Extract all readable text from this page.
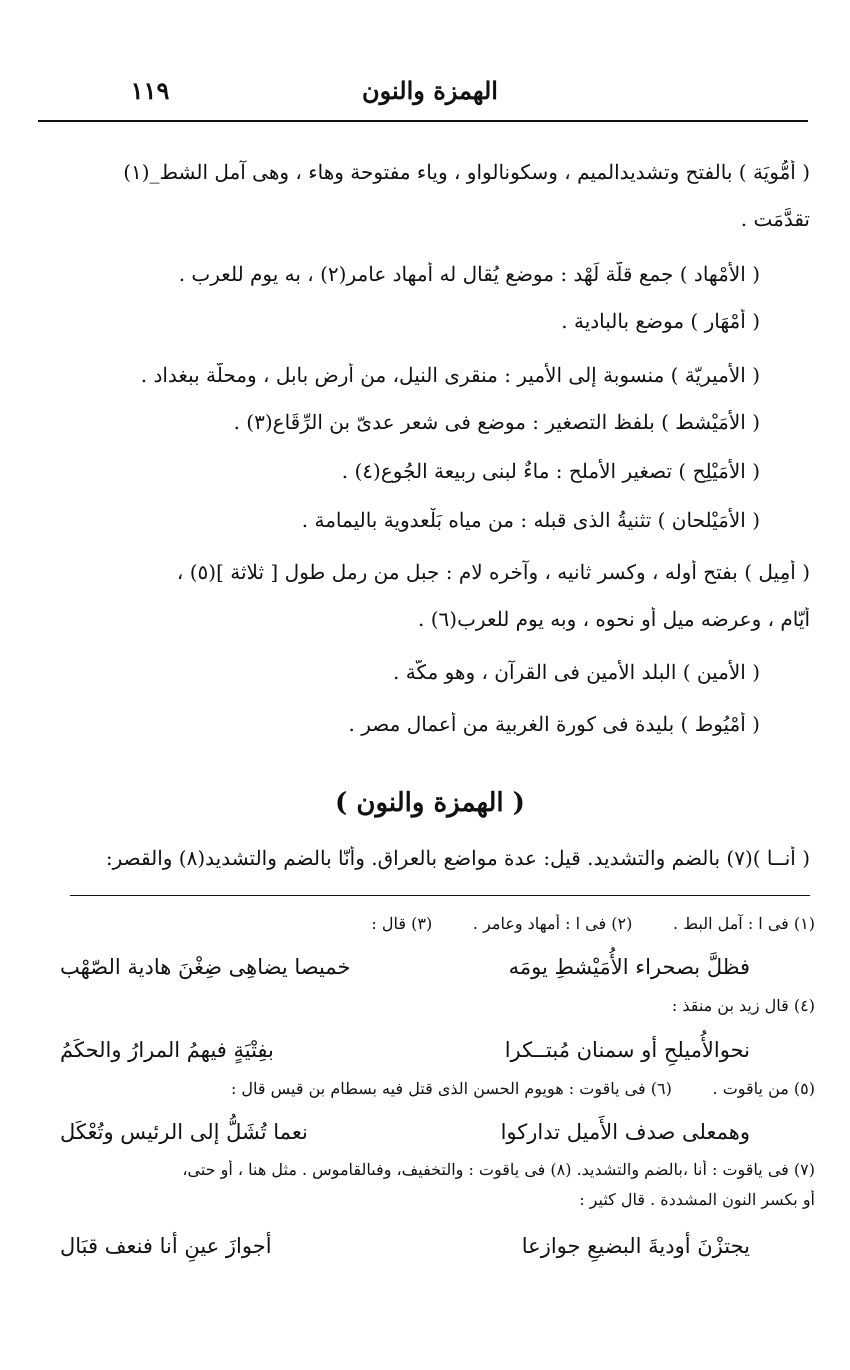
الهمزة والنون
١١٩
( أُمُّويَة ) بالفتح وتشديدالميم ، وسكونالواو ، وياء مفتوحة وهاء ، وهى آمل الشط_(١)
تقدَّمَت .
( الأَمْهاد ) جمع قلّة لَهْد : موضع يُقال له أمهاد عامر(٢) ، به يوم للعرب .
( أَمْهَار ) موضع بالبادية .
( الأميريّة ) منسوبة إلى الأمير : منقرى النيل، من أرض بابل ، ومحلّة ببغداد .
( الأُمَيْشط ) بلفظ التصغير : موضع فى شعر عدىّ بن الرِّقَاع(٣) .
( الأُمَيْلِح ) تصغير الأَملح : ماءٌ لبنى ربيعة الجُوع(٤) .
( الأُمَيْلحان ) تثنيةُ الذى قبله : من مياه بَلْعدوية باليمامة .
( أَمِيل ) بفتح أوله ، وكسر ثانيه ، وآخره لام : جبل من رمل طول [ ثلاثة ](٥) ،
أيّام ، وعرضه ميل أو نحوه ، وبه يوم للعرب(٦) .
( الأمين ) البلد الأمين فى القرآن ، وهو مكّة .
( أُمْيُوط ) بليدة فى كورة الغربية من أعمال مصر .
( الهمزة والنون )
( أُنــا )(٧) بالضم والتشديد. قيل: عدة مواضع بالعراق. وأُنّا بالضم والتشديد(٨) والقصر:
(١) فى ا : آمل البط .        (٢) فى ا : أمهاد وعامر .        (٣) قال :
فظلَّ بصحراء الأُمَيْشطِ يومَه
خميصا يضاهِى ضِغْنَ هادية الصّهْب
(٤) قال زيد بن منقذ :
نحوالأُميلحِ أو سمنان مُبتــكرا
بفِتْيَةٍ فيهمُ المرارُ والحكَمُ
(٥) من ياقوت .        (٦) فى ياقوت : هويوم الحسن الذى قتل فيه بسطام بن قيس قال :
وهمعلى صدف الأَميل تداركوا
نعما تُشَلُّ إلى الرئيس وتُعْكَل
(٧) فى ياقوت : أنا ،بالضم والتشديد. (٨) فى ياقوت : والتخفيف، وفىالقاموس . مثل هنا ، أو حتى،
أو بكسر النون المشددة . قال كثير :
يجتزْنَ أوديةَ البضيعِ جوازعا
أجوازَ عينِ أنا فنعف قبَال
